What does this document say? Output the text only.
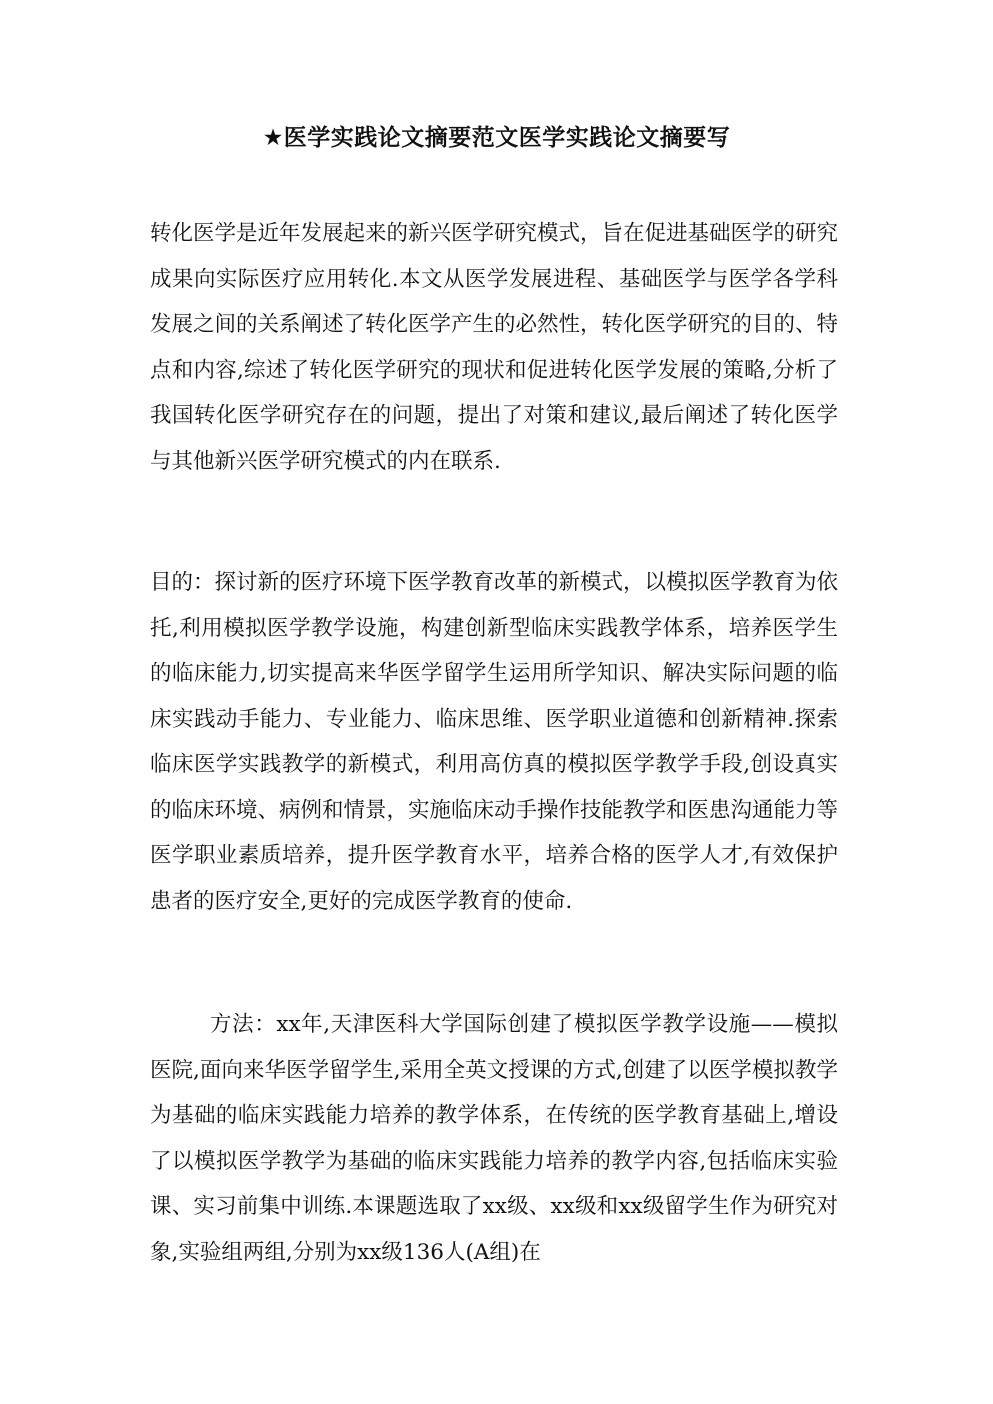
★医学实践论文摘要范文医学实践论文摘要写

转化医学是近年发展起来的新兴医学研究模式，旨在促进基础医学的研究成果向实际医疗应用转化.本文从医学发展进程、基础医学与医学各学科发展之间的关系阐述了转化医学产生的必然性，转化医学研究的目的、特点和内容,综述了转化医学研究的现状和促进转化医学发展的策略,分析了我国转化医学研究存在的问题，提出了对策和建议,最后阐述了转化医学与其他新兴医学研究模式的内在联系.

目的：探讨新的医疗环境下医学教育改革的新模式，以模拟医学教育为依托,利用模拟医学教学设施，构建创新型临床实践教学体系，培养医学生的临床能力,切实提高来华医学留学生运用所学知识、解决实际问题的临床实践动手能力、专业能力、临床思维、医学职业道德和创新精神.探索临床医学实践教学的新模式，利用高仿真的模拟医学教学手段,创设真实的临床环境、病例和情景，实施临床动手操作技能教学和医患沟通能力等医学职业素质培养，提升医学教育水平，培养合格的医学人才,有效保护患者的医疗安全,更好的完成医学教育的使命.

方法：xx年,天津医科大学国际创建了模拟医学教学设施——模拟医院,面向来华医学留学生,采用全英文授课的方式,创建了以医学模拟教学为基础的临床实践能力培养的教学体系，在传统的医学教育基础上,增设了以模拟医学教学为基础的临床实践能力培养的教学内容,包括临床实验课、实习前集中训练.本课题选取了xx级、xx级和xx级留学生作为研究对象,实验组两组,分别为xx级136人(A组)在
